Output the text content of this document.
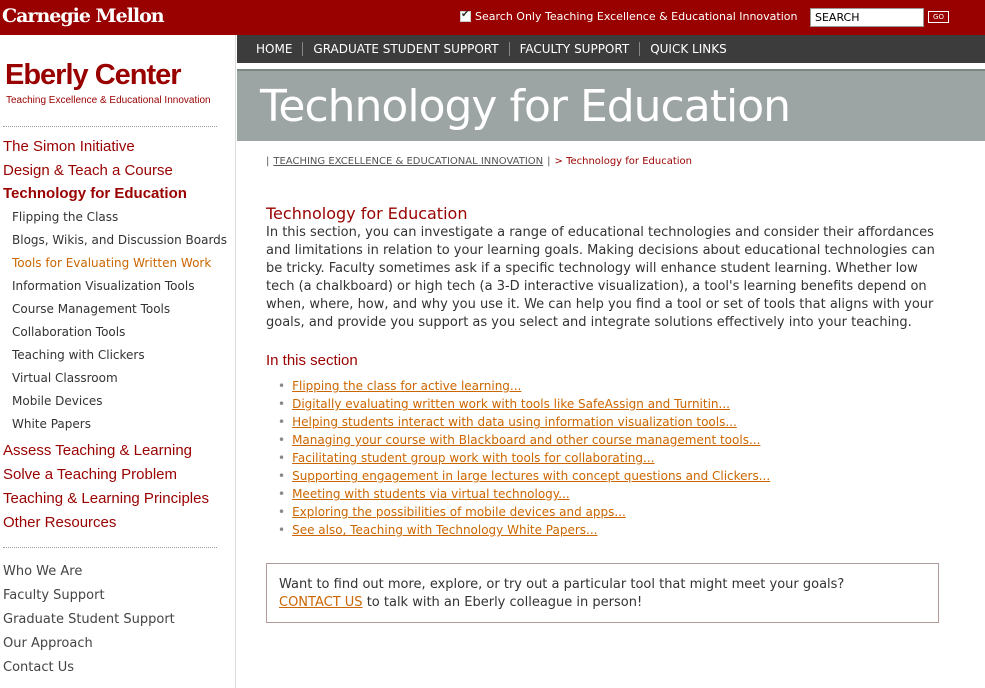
Carnegie Mellon
✔	Search Only Teaching Excellence & Educational Innovation
SEARCH	GO
Eberly Center
Teaching Excellence & Educational Innovation
The Simon Initiative
Design & Teach a Course
Technology for Education
Flipping the Class
Blogs, Wikis, and Discussion Boards
Tools for Evaluating Written Work
Information Visualization Tools
Course Management Tools
Collaboration Tools
Teaching with Clickers
Virtual Classroom
Mobile Devices
White Papers
Assess Teaching & Learning
Solve a Teaching Problem
Teaching & Learning Principles
Other Resources
Who We Are
Faculty Support
Graduate Student Support
Our Approach
Contact Us
HOME	GRADUATE STUDENT SUPPORT	FACULTY SUPPORT	QUICK LINKS
Technology for Education
| TEACHING EXCELLENCE & EDUCATIONAL INNOVATION | > Technology for Education
Technology for Education
In this section, you can investigate a range of educational technologies and consider their affordances and limitations in relation to your learning goals. Making decisions about educational technologies can be tricky. Faculty sometimes ask if a specific technology will enhance student learning. Whether low tech (a chalkboard) or high tech (a 3-D interactive visualization), a tool's learning benefits depend on when, where, how, and why you use it. We can help you find a tool or set of tools that aligns with your goals, and provide you support as you select and integrate solutions effectively into your teaching.
In this section
• Flipping the class for active learning...
• Digitally evaluating written work with tools like SafeAssign and Turnitin...
• Helping students interact with data using information visualization tools...
• Managing your course with Blackboard and other course management tools...
• Facilitating student group work with tools for collaborating...
• Supporting engagement in large lectures with concept questions and Clickers...
• Meeting with students via virtual technology...
• Exploring the possibilities of mobile devices and apps...
• See also, Teaching with Technology White Papers...
Want to find out more, explore, or try out a particular tool that might meet your goals?
CONTACT US to talk with an Eberly colleague in person!
